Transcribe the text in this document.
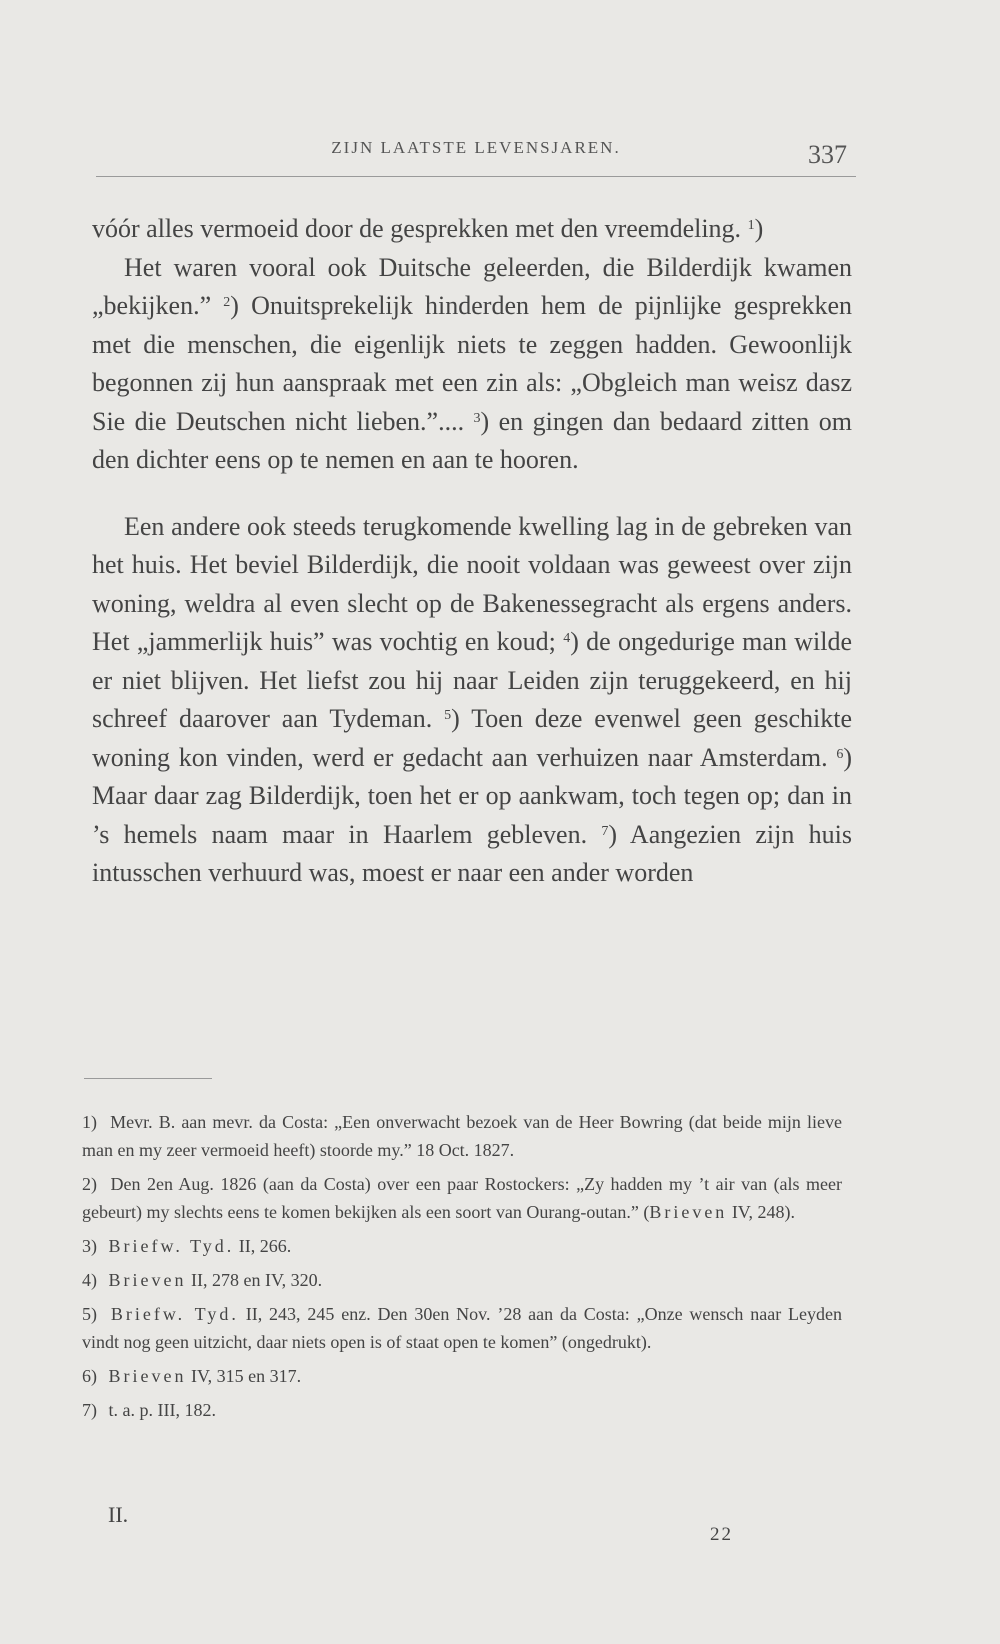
ZIJN LAATSTE LEVENSJAREN.	337

vóór alles vermoeid door de gesprekken met den vreemdeling. $^1$)

Het waren vooral ook Duitsche geleerden, die Bilderdijk kwamen „bekijken.” $^2$) Onuitsprekelijk hinderden hem de pijnlijke gesprekken met die menschen, die eigenlijk niets te zeggen hadden. Gewoonlijk begonnen zij hun aanspraak met een zin als: „Obgleich man weisz dasz Sie die Deutschen nicht lieben.”.... $^3$) en gingen dan bedaard zitten om den dichter eens op te nemen en aan te hooren.

Een andere ook steeds terugkomende kwelling lag in de gebreken van het huis. Het beviel Bilderdijk, die nooit voldaan was geweest over zijn woning, weldra al even slecht op de Bakenessegracht als ergens anders. Het „jammerlijk huis” was vochtig en koud; $^4$) de ongedurige man wilde er niet blijven. Het liefst zou hij naar Leiden zijn teruggekeerd, en hij schreef daarover aan Tydeman. $^5$) Toen deze evenwel geen geschikte woning kon vinden, werd er gedacht aan verhuizen naar Amsterdam. $^6$) Maar daar zag Bilderdijk, toen het er op aankwam, toch tegen op; dan in ’s hemels naam maar in Haarlem gebleven. $^7$) Aangezien zijn huis intusschen verhuurd was, moest er naar een ander worden

1) Mevr. B. aan mevr. da Costa: „Een onverwacht bezoek van de Heer Bowring (dat beide mijn lieve man en my zeer vermoeid heeft) stoorde my.” 18 Oct. 1827.

2) Den 2en Aug. 1826 (aan da Costa) over een paar Rostockers: „Zy hadden my ’t air van (als meer gebeurt) my slechts eens te komen bekijken als een soort van Ourang-outan.” (Brieven IV, 248).

3) Briefw. Tyd. II, 266.

4) Brieven II, 278 en IV, 320.

5) Briefw. Tyd. II, 243, 245 enz. Den 30en Nov. ’28 aan da Costa: „Onze wensch naar Leyden vindt nog geen uitzicht, daar niets open is of staat open te komen” (ongedrukt).

6) Brieven IV, 315 en 317.

7) t. a. p. III, 182.

II.
22
